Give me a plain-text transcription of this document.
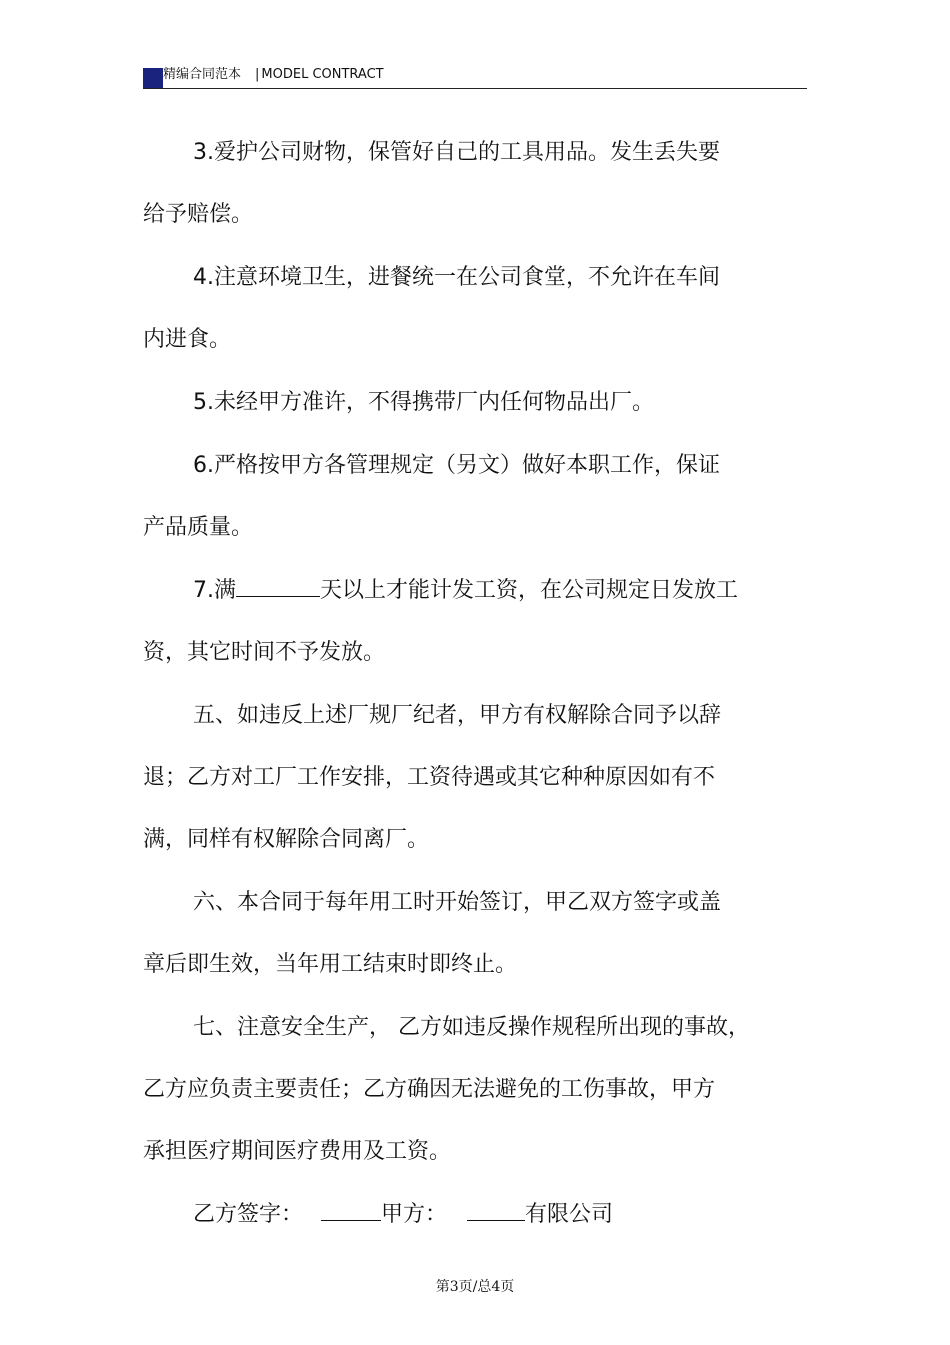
精编合同范本 | MODEL CONTRACT
3.爱护公司财物，保管好自己的工具用品。发生丢失要
给予赔偿。
4.注意环境卫生，进餐统一在公司食堂，不允许在车间
内进食。
5.未经甲方准许，不得携带厂内任何物品出厂。
6.严格按甲方各管理规定（另文）做好本职工作，保证
产品质量。
7.满	天以上才能计发工资，在公司规定日发放工
资，其它时间不予发放。
五、如违反上述厂规厂纪者，甲方有权解除合同予以辞
退；乙方对工厂工作安排，工资待遇或其它种种原因如有不
满，同样有权解除合同离厂。
六、本合同于每年用工时开始签订，甲乙双方签字或盖
章后即生效，当年用工结束时即终止。
七、注意安全生产， 乙方如违反操作规程所出现的事故，
乙方应负责主要责任；乙方确因无法避免的工伤事故，甲方
承担医疗期间医疗费用及工资。
乙方签字：	甲方：	有限公司
第3页/总4页
